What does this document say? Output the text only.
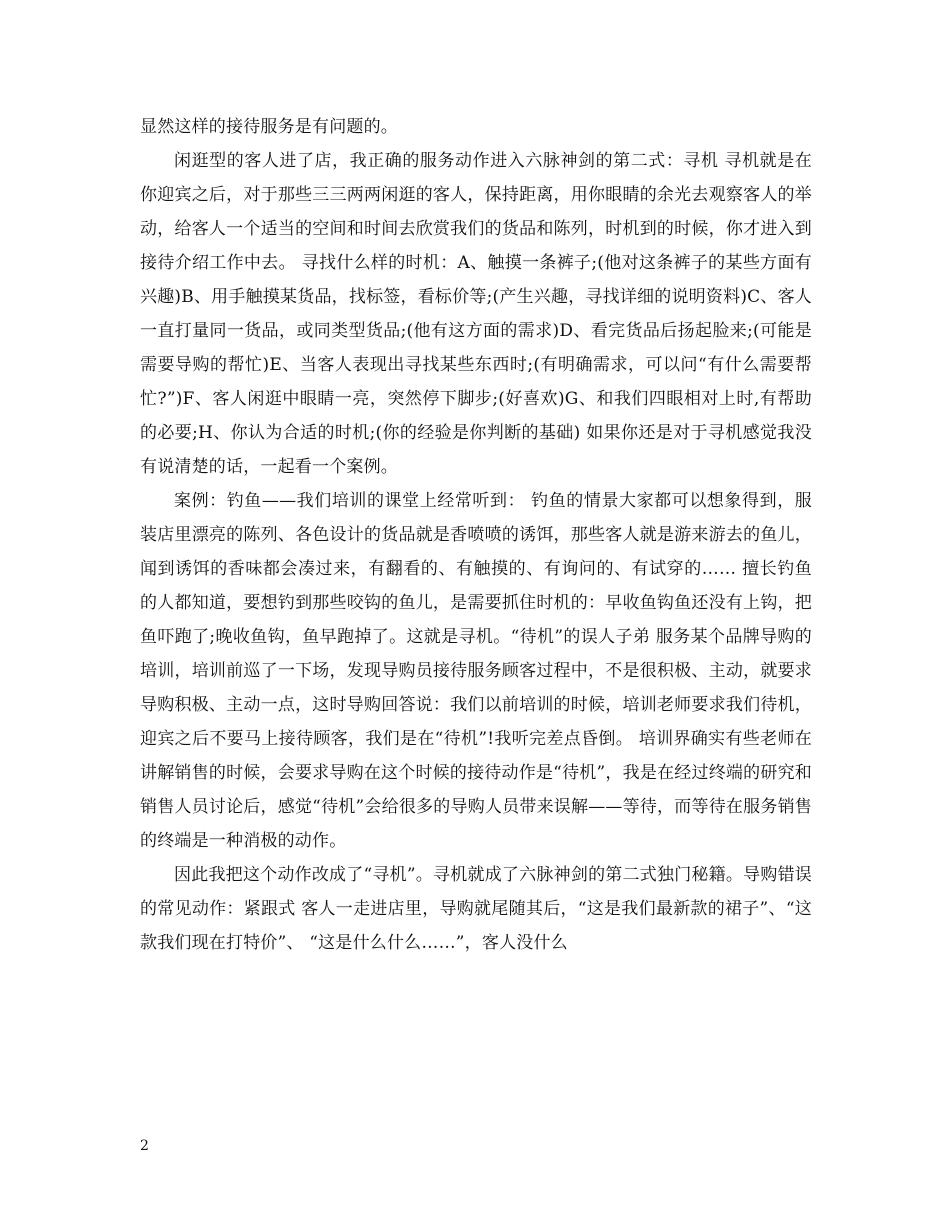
显然这样的接待服务是有问题的。

闲逛型的客人进了店，我正确的服务动作进入六脉神剑的第二式：寻机 寻机就是在你迎宾之后，对于那些三三两两闲逛的客人，保持距离，用你眼睛的余光去观察客人的举动，给客人一个适当的空间和时间去欣赏我们的货品和陈列，时机到的时候，你才进入到接待介绍工作中去。 寻找什么样的时机：A、触摸一条裤子;(他对这条裤子的某些方面有兴趣)B、用手触摸某货品，找标签，看标价等;(产生兴趣，寻找详细的说明资料)C、客人一直打量同一货品，或同类型货品;(他有这方面的需求)D、看完货品后扬起脸来;(可能是需要导购的帮忙)E、当客人表现出寻找某些东西时;(有明确需求，可以问“有什么需要帮忙?”)F、客人闲逛中眼睛一亮，突然停下脚步;(好喜欢)G、和我们四眼相对上时,有帮助的必要;H、你认为合适的时机;(你的经验是你判断的基础) 如果你还是对于寻机感觉我没有说清楚的话，一起看一个案例。

案例：钓鱼——我们培训的课堂上经常听到： 钓鱼的情景大家都可以想象得到，服装店里漂亮的陈列、各色设计的货品就是香喷喷的诱饵，那些客人就是游来游去的鱼儿，闻到诱饵的香味都会凑过来，有翻看的、有触摸的、有询问的、有试穿的…… 擅长钓鱼的人都知道，要想钓到那些咬钩的鱼儿，是需要抓住时机的：早收鱼钩鱼还没有上钩，把鱼吓跑了;晚收鱼钩，鱼早跑掉了。这就是寻机。“待机”的误人子弟 服务某个品牌导购的培训，培训前巡了一下场，发现导购员接待服务顾客过程中，不是很积极、主动，就要求导购积极、主动一点，这时导购回答说：我们以前培训的时候，培训老师要求我们待机，迎宾之后不要马上接待顾客，我们是在“待机”!我听完差点昏倒。 培训界确实有些老师在讲解销售的时候，会要求导购在这个时候的接待动作是“待机”，我是在经过终端的研究和销售人员讨论后，感觉“待机”会给很多的导购人员带来误解——等待，而等待在服务销售的终端是一种消极的动作。

因此我把这个动作改成了“寻机”。寻机就成了六脉神剑的第二式独门秘籍。导购错误的常见动作：紧跟式 客人一走进店里，导购就尾随其后，“这是我们最新款的裙子”、“这款我们现在打特价”、 “这是什么什么……”，客人没什么

2
